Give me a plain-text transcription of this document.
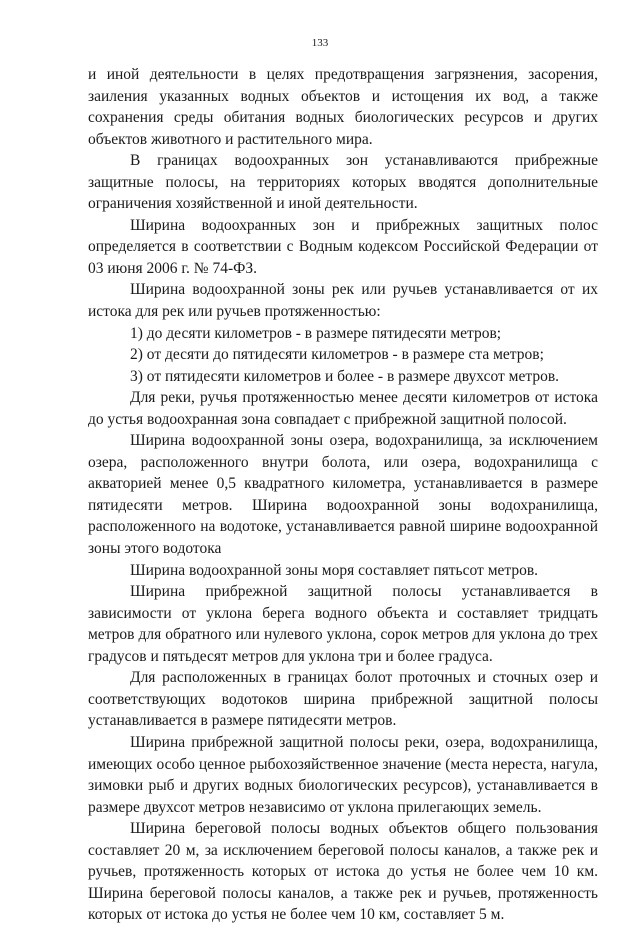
133

и иной деятельности в целях предотвращения загрязнения, засорения, заиления указанных водных объектов и истощения их вод, а также сохранения среды обитания водных биологических ресурсов и других объектов животного и растительного мира.

В границах водоохранных зон устанавливаются прибрежные защитные полосы, на территориях которых вводятся дополнительные ограничения хозяйственной и иной деятельности.

Ширина водоохранных зон и прибрежных защитных полос определяется в соответствии с Водным кодексом Российской Федерации от 03 июня 2006 г. № 74-ФЗ.

Ширина водоохранной зоны рек или ручьев устанавливается от их истока для рек или ручьев протяженностью:

1) до десяти километров - в размере пятидесяти метров;

2) от десяти до пятидесяти километров - в размере ста метров;

3) от пятидесяти километров и более - в размере двухсот метров.

Для реки, ручья протяженностью менее десяти километров от истока до устья водоохранная зона совпадает с прибрежной защитной полосой.

Ширина водоохранной зоны озера, водохранилища, за исключением озера, расположенного внутри болота, или озера, водохранилища с акваторией менее 0,5 квадратного километра, устанавливается в размере пятидесяти метров. Ширина водоохранной зоны водохранилища, расположенного на водотоке, устанавливается равной ширине водоохранной зоны этого водотока

Ширина водоохранной зоны моря составляет пятьсот метров.

Ширина прибрежной защитной полосы устанавливается в зависимости от уклона берега водного объекта и составляет тридцать метров для обратного или нулевого уклона, сорок метров для уклона до трех градусов и пятьдесят метров для уклона три и более градуса.

Для расположенных в границах болот проточных и сточных озер и соответствующих водотоков ширина прибрежной защитной полосы устанавливается в размере пятидесяти метров.

Ширина прибрежной защитной полосы реки, озера, водохранилища, имеющих особо ценное рыбохозяйственное значение (места нереста, нагула, зимовки рыб и других водных биологических ресурсов), устанавливается в размере двухсот метров независимо от уклона прилегающих земель.

Ширина береговой полосы водных объектов общего пользования составляет 20 м, за исключением береговой полосы каналов, а также рек и ручьев, протяженность которых от истока до устья не более чем 10 км. Ширина береговой полосы каналов, а также рек и ручьев, протяженность которых от истока до устья не более чем 10 км, составляет 5 м.
